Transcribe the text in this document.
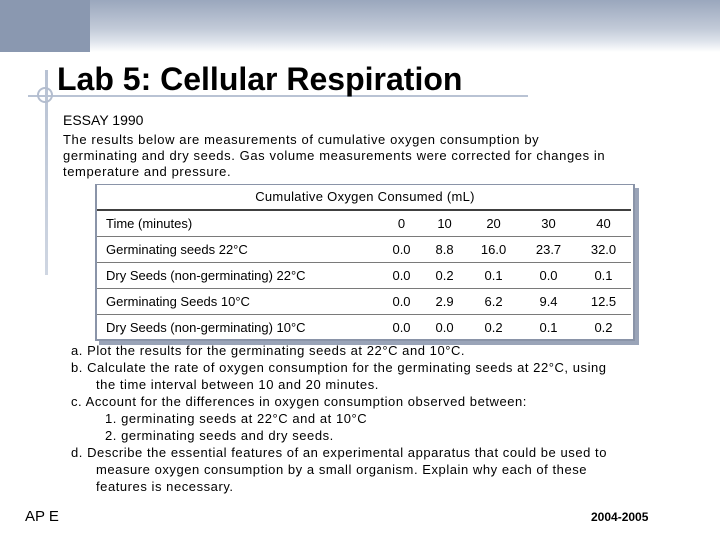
Lab 5: Cellular Respiration
ESSAY 1990

The results below are measurements of cumulative oxygen consumption by
germinating and dry seeds. Gas volume measurements were corrected for changes in
temperature and pressure.

Cumulative Oxygen Consumed (mL)
Time (minutes)	0	10	20	30	40
Germinating seeds 22°C	0.0	8.8	16.0	23.7	32.0
Dry Seeds (non-germinating) 22°C	0.0	0.2	0.1	0.0	0.1
Germinating Seeds 10°C	0.0	2.9	6.2	9.4	12.5
Dry Seeds (non-germinating) 10°C	0.0	0.0	0.2	0.1	0.2

a. Plot the results for the germinating seeds at 22°C and 10°C.
b. Calculate the rate of oxygen consumption for the germinating seeds at 22°C, using
the time interval between 10 and 20 minutes.
c. Account for the differences in oxygen consumption observed between:
1. germinating seeds at 22°C and at 10°C
2. germinating seeds and dry seeds.
d. Describe the essential features of an experimental apparatus that could be used to
measure oxygen consumption by a small organism. Explain why each of these
features is necessary.

AP E	2004-2005
